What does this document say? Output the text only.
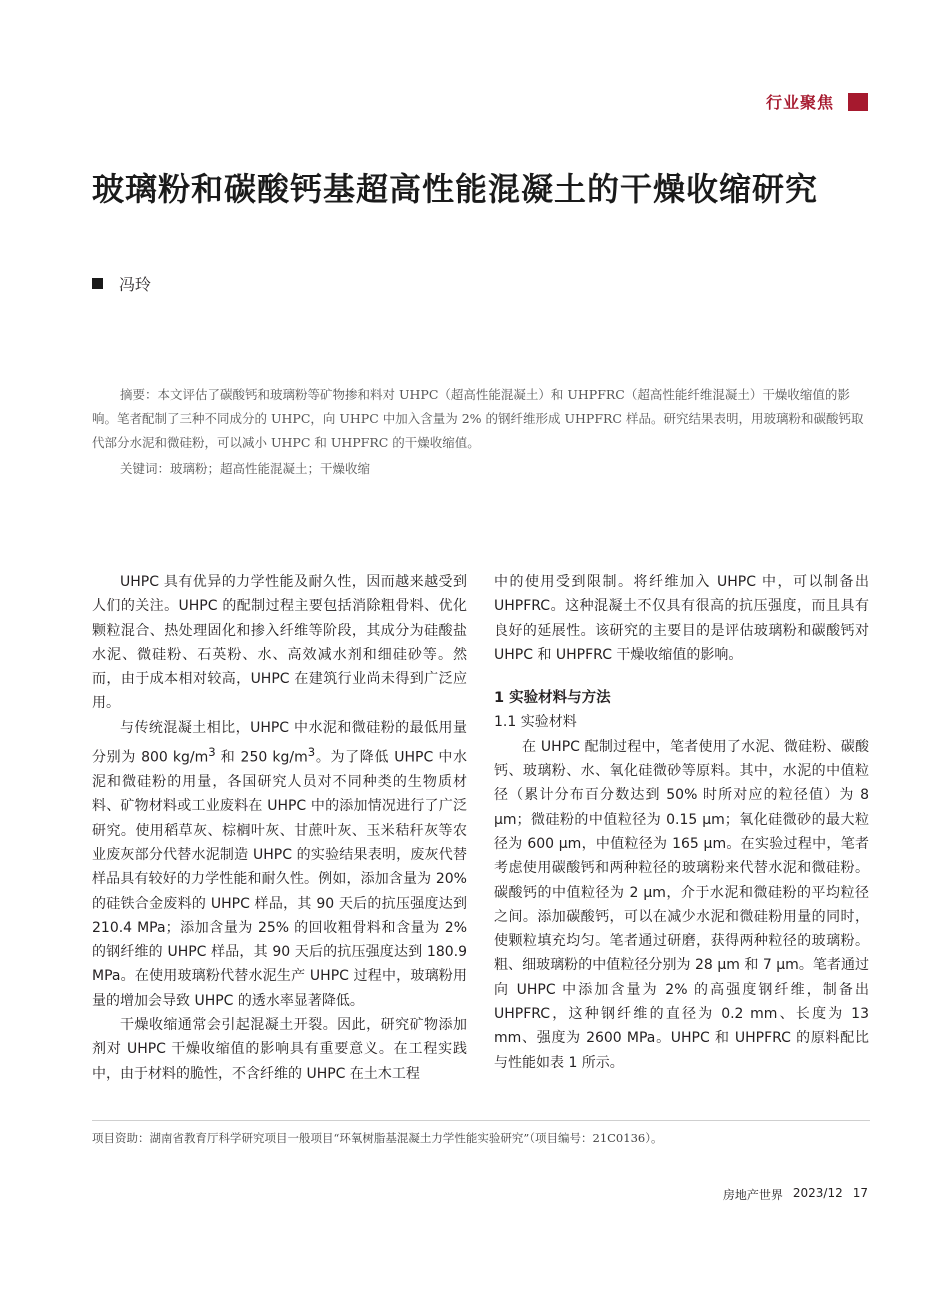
行业聚焦
玻璃粉和碳酸钙基超高性能混凝土的干燥收缩研究
冯玲

摘要：本文评估了碳酸钙和玻璃粉等矿物掺和料对 UHPC（超高性能混凝土）和 UHPFRC（超高性能纤维混凝土）干燥收缩值的影响。笔者配制了三种不同成分的 UHPC，向 UHPC 中加入含量为 2% 的钢纤维形成 UHPFRC 样品。研究结果表明，用玻璃粉和碳酸钙取代部分水泥和微硅粉，可以减小 UHPC 和 UHPFRC 的干燥收缩值。

关键词：玻璃粉；超高性能混凝土；干燥收缩

UHPC 具有优异的力学性能及耐久性，因而越来越受到人们的关注。UHPC 的配制过程主要包括消除粗骨料、优化颗粒混合、热处理固化和掺入纤维等阶段，其成分为硅酸盐水泥、微硅粉、石英粉、水、高效减水剂和细硅砂等。然而，由于成本相对较高，UHPC 在建筑行业尚未得到广泛应用。

与传统混凝土相比，UHPC 中水泥和微硅粉的最低用量分别为 800 $kg/m^3$ 和 250 $kg/m^3$。为了降低 UHPC 中水泥和微硅粉的用量，各国研究人员对不同种类的生物质材料、矿物材料或工业废料在 UHPC 中的添加情况进行了广泛研究。使用稻草灰、棕榈叶灰、甘蔗叶灰、玉米秸秆灰等农业废灰部分代替水泥制造 UHPC 的实验结果表明，废灰代替样品具有较好的力学性能和耐久性。例如，添加含量为 20% 的硅铁合金废料的 UHPC 样品，其 90 天后的抗压强度达到 210.4 MPa；添加含量为 25% 的回收粗骨料和含量为 2% 的钢纤维的 UHPC 样品，其 90 天后的抗压强度达到 180.9 MPa。在使用玻璃粉代替水泥生产 UHPC 过程中，玻璃粉用量的增加会导致 UHPC 的透水率显著降低。

干燥收缩通常会引起混凝土开裂。因此，研究矿物添加剂对 UHPC 干燥收缩值的影响具有重要意义。在工程实践中，由于材料的脆性，不含纤维的 UHPC 在土木工程

中的使用受到限制。将纤维加入 UHPC 中，可以制备出 UHPFRC。这种混凝土不仅具有很高的抗压强度，而且具有良好的延展性。该研究的主要目的是评估玻璃粉和碳酸钙对 UHPC 和 UHPFRC 干燥收缩值的影响。

1 实验材料与方法

1.1 实验材料

在 UHPC 配制过程中，笔者使用了水泥、微硅粉、碳酸钙、玻璃粉、水、氧化硅微砂等原料。其中，水泥的中值粒径（累计分布百分数达到 50% 时所对应的粒径值）为 8 μm；微硅粉的中值粒径为 0.15 μm；氧化硅微砂的最大粒径为 600 μm，中值粒径为 165 μm。在实验过程中，笔者考虑使用碳酸钙和两种粒径的玻璃粉来代替水泥和微硅粉。碳酸钙的中值粒径为 2 μm，介于水泥和微硅粉的平均粒径之间。添加碳酸钙，可以在减少水泥和微硅粉用量的同时，使颗粒填充均匀。笔者通过研磨，获得两种粒径的玻璃粉。粗、细玻璃粉的中值粒径分别为 28 μm 和 7 μm。笔者通过向 UHPC 中添加含量为 2% 的高强度钢纤维，制备出 UHPFRC，这种钢纤维的直径为 0.2 mm、长度为 13 mm、强度为 2600 MPa。UHPC 和 UHPFRC 的原料配比与性能如表 1 所示。

项目资助：湖南省教育厅科学研究项目一般项目“环氧树脂基混凝土力学性能实验研究”（项目编号：21C0136）。
房地产世界 2023/12 17
